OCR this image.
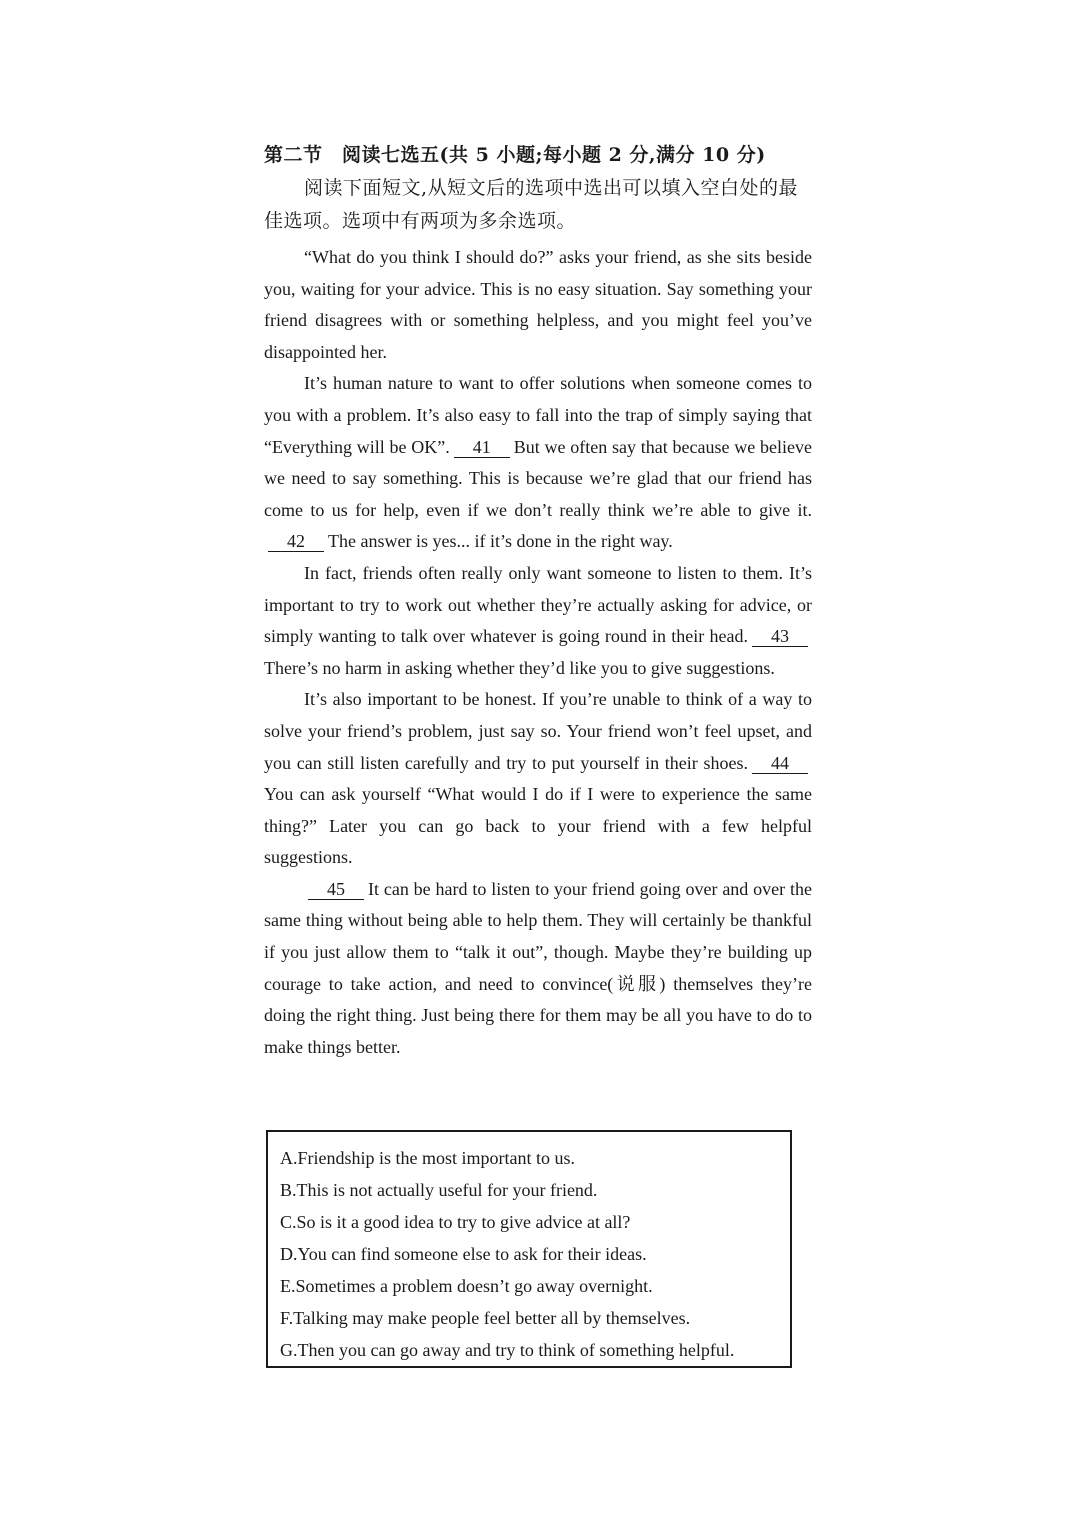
第二节　阅读七选五(共 5 小题;每小题 2 分,满分 10 分)
阅读下面短文,从短文后的选项中选出可以填入空白处的最佳选项。选项中有两项为多余选项。

“What do you think I should do?” asks your friend, as she sits beside you, waiting for your advice. This is no easy situation. Say something your friend disagrees with or something helpless, and you might feel you’ve disappointed her.

It’s human nature to want to offer solutions when someone comes to you with a problem. It’s also easy to fall into the trap of simply saying that “Everything will be OK”. 41 But we often say that because we believe we need to say something. This is because we’re glad that our friend has come to us for help, even if we don’t really think we’re able to give it.42 The answer is yes... if it’s done in the right way.

In fact, friends often really only want someone to listen to them. It’s important to try to work out whether they’re actually asking for advice, or simply wanting to talk over whatever is going round in their head. 43There’s no harm in asking whether they’d like you to give suggestions.

It’s also important to be honest. If you’re unable to think of a way to solve your friend’s problem, just say so. Your friend won’t feel upset, and you can still listen carefully and try to put yourself in their shoes. 44You can ask yourself “What would I do if I were to experience the same thing?” Later you can go back to your friend with a few helpful suggestions.

45 It can be hard to listen to your friend going over and over the same thing without being able to help them. They will certainly be thankful if you just allow them to “talk it out”, though. Maybe they’re building up courage to take action, and need to convince(说服) themselves they’re doing the right thing. Just being there for them may be all you have to do to make things better.

A.Friendship is the most important to us.
B.This is not actually useful for your friend.
C.So is it a good idea to try to give advice at all?
D.You can find someone else to ask for their ideas.
E.Sometimes a problem doesn’t go away overnight.
F.Talking may make people feel better all by themselves.
G.Then you can go away and try to think of something helpful.
